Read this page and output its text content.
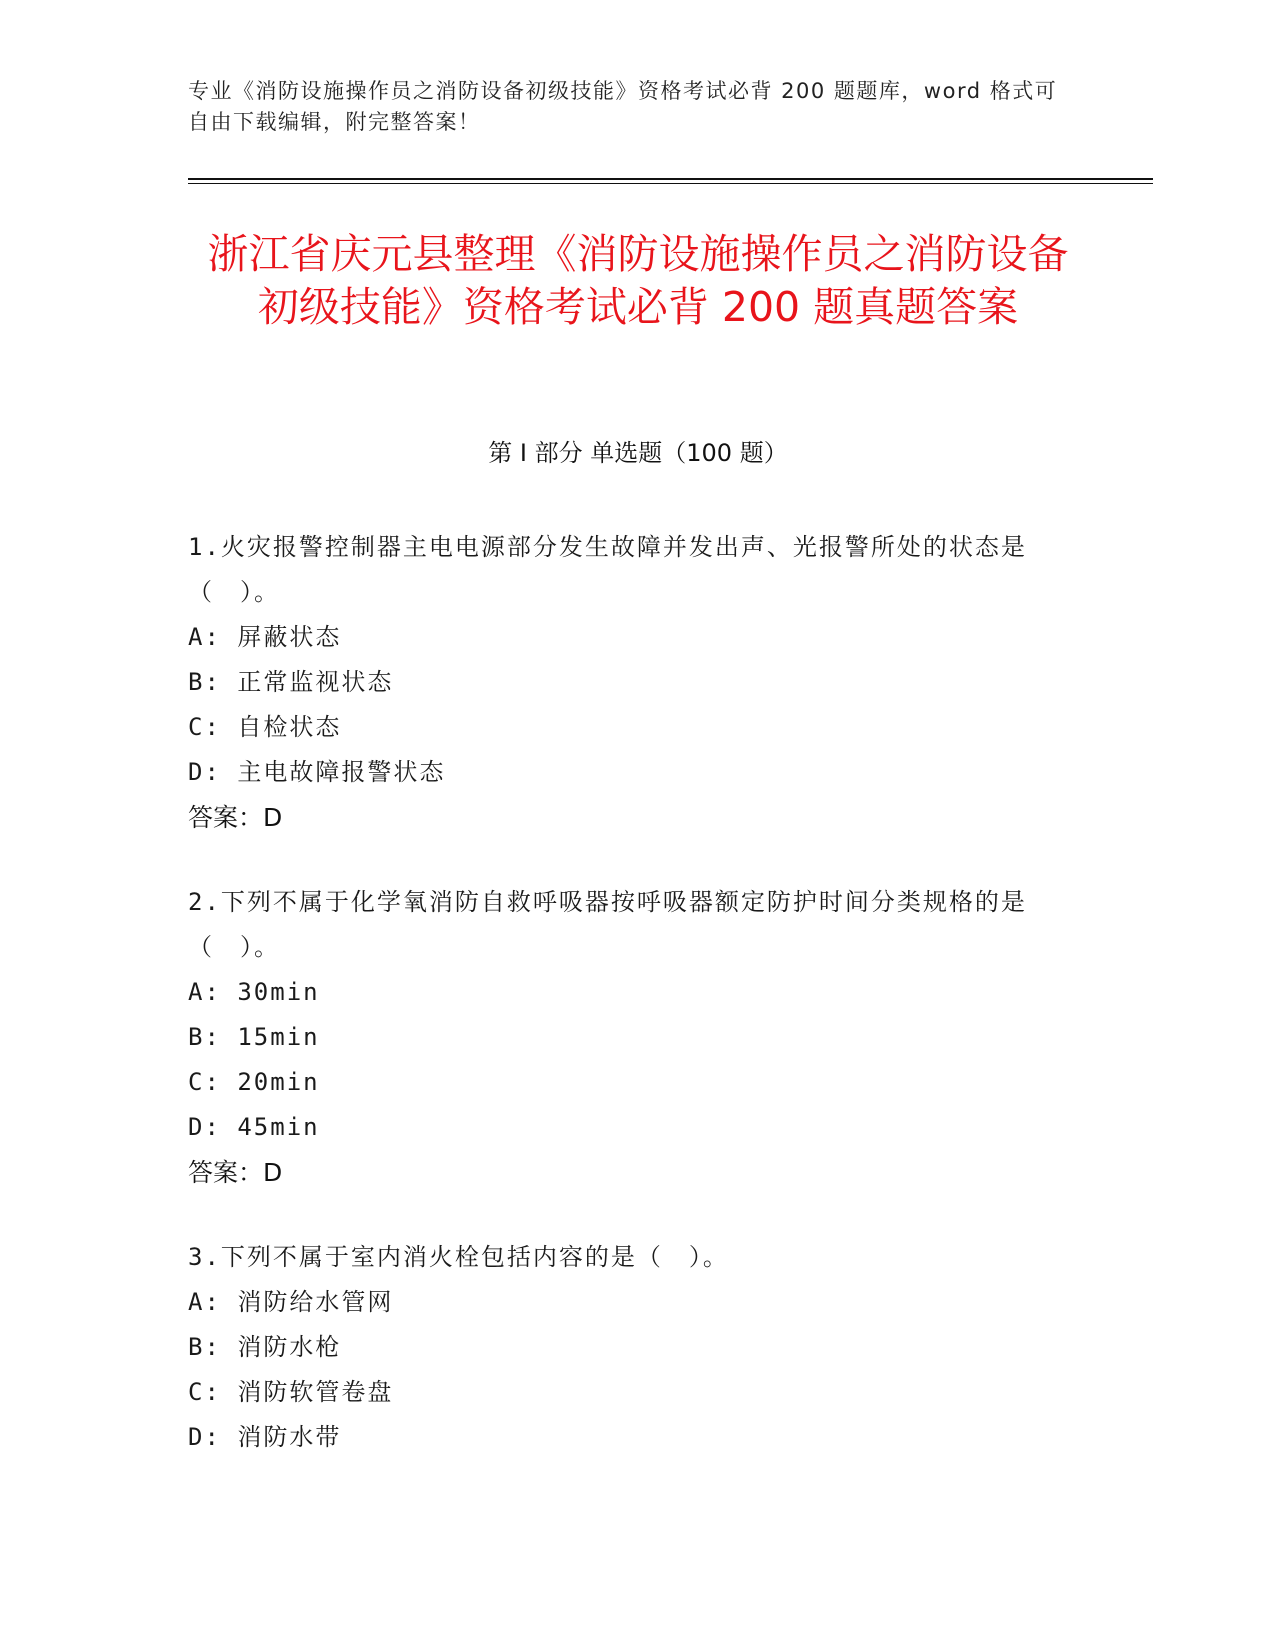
专业《消防设施操作员之消防设备初级技能》资格考试必背 200 题题库，word 格式可自由下载编辑，附完整答案！
浙江省庆元县整理《消防设施操作员之消防设备初级技能》资格考试必背 200 题真题答案
第 I 部分 单选题（100 题）

1.火灾报警控制器主电电源部分发生故障并发出声、光报警所处的状态是（　）。

A: 屏蔽状态

B: 正常监视状态

C: 自检状态

D: 主电故障报警状态

答案：D

2.下列不属于化学氧消防自救呼吸器按呼吸器额定防护时间分类规格的是（　）。

A: 30min

B: 15min

C: 20min

D: 45min

答案：D

3.下列不属于室内消火栓包括内容的是（　）。

A: 消防给水管网

B: 消防水枪

C: 消防软管卷盘

D: 消防水带
